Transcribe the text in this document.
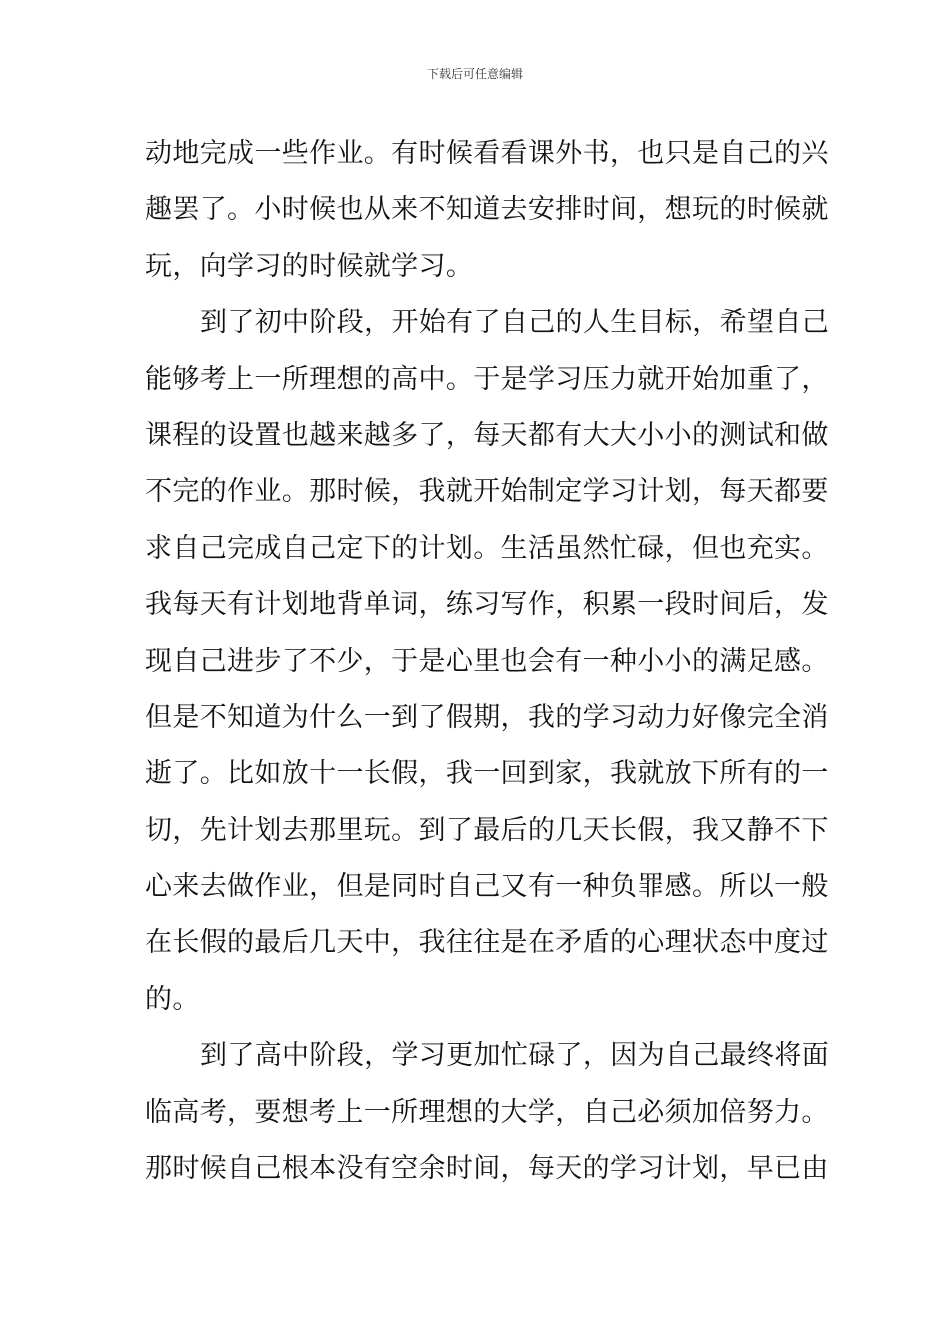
下载后可任意编辑
动地完成一些作业。有时候看看课外书，也只是自己的兴
趣罢了。小时候也从来不知道去安排时间，想玩的时候就
玩，向学习的时候就学习。
到了初中阶段，开始有了自己的人生目标，希望自己
能够考上一所理想的高中。于是学习压力就开始加重了，
课程的设置也越来越多了，每天都有大大小小的测试和做
不完的作业。那时候，我就开始制定学习计划，每天都要
求自己完成自己定下的计划。生活虽然忙碌，但也充实。
我每天有计划地背单词，练习写作，积累一段时间后，发
现自己进步了不少，于是心里也会有一种小小的满足感。
但是不知道为什么一到了假期，我的学习动力好像完全消
逝了。比如放十一长假，我一回到家，我就放下所有的一
切，先计划去那里玩。到了最后的几天长假，我又静不下
心来去做作业，但是同时自己又有一种负罪感。所以一般
在长假的最后几天中，我往往是在矛盾的心理状态中度过
的。
到了高中阶段，学习更加忙碌了，因为自己最终将面
临高考，要想考上一所理想的大学，自己必须加倍努力。
那时候自己根本没有空余时间，每天的学习计划，早已由
